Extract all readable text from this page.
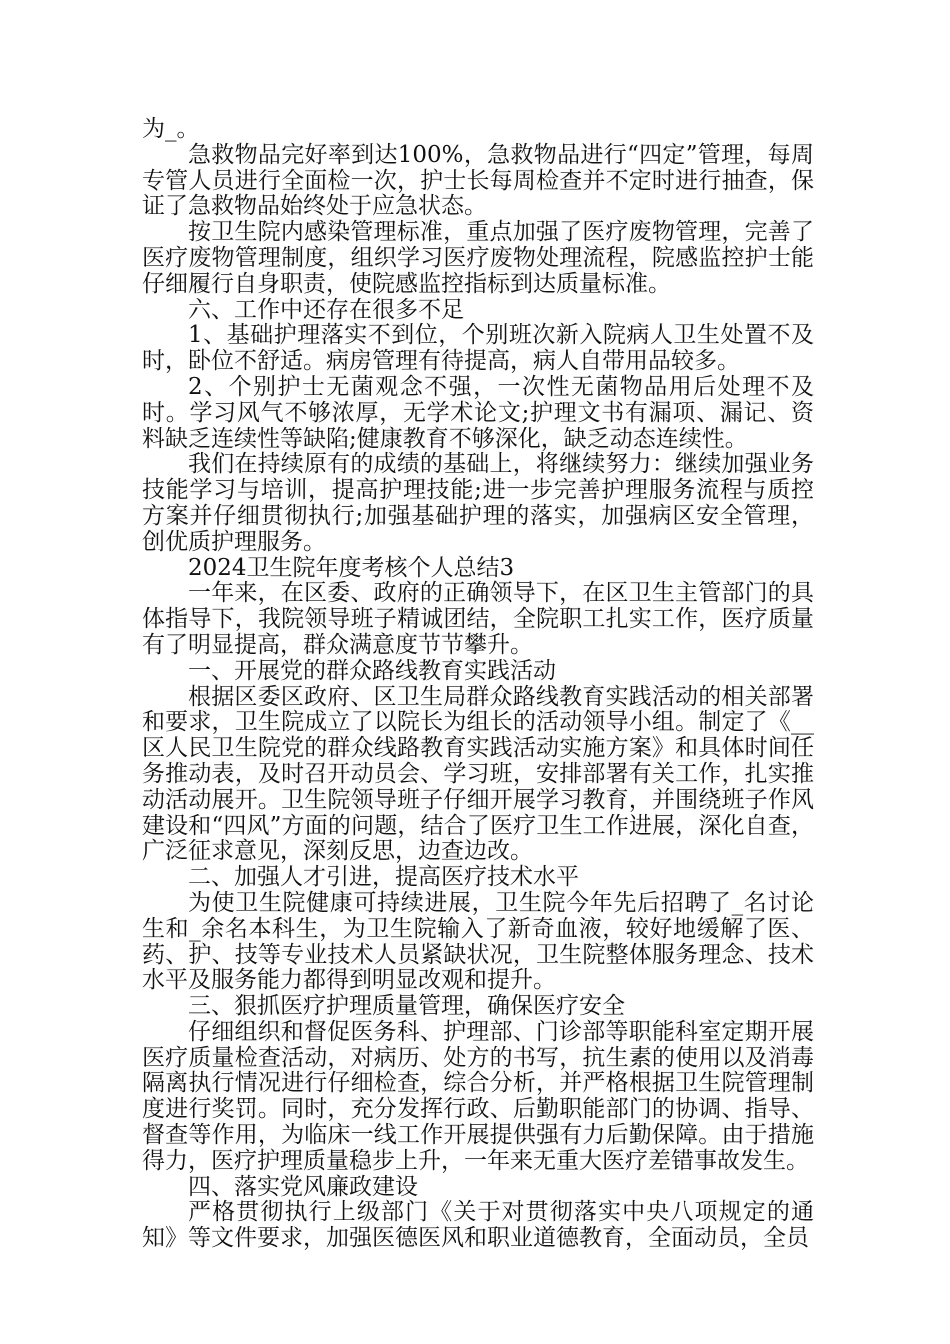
为_。

急救物品完好率到达100%，急救物品进行“四定”管理，每周专管人员进行全面检一次，护士长每周检查并不定时进行抽查，保证了急救物品始终处于应急状态。

按卫生院内感染管理标准，重点加强了医疗废物管理，完善了医疗废物管理制度，组织学习医疗废物处理流程，院感监控护士能仔细履行自身职责，使院感监控指标到达质量标准。

六、工作中还存在很多不足

1、基础护理落实不到位，个别班次新入院病人卫生处置不及时，卧位不舒适。病房管理有待提高，病人自带用品较多。

2、个别护士无菌观念不强，一次性无菌物品用后处理不及时。学习风气不够浓厚，无学术论文;护理文书有漏项、漏记、资料缺乏连续性等缺陷;健康教育不够深化，缺乏动态连续性。

我们在持续原有的成绩的基础上，将继续努力：继续加强业务技能学习与培训，提高护理技能;进一步完善护理服务流程与质控方案并仔细贯彻执行;加强基础护理的落实，加强病区安全管理，创优质护理服务。

2024卫生院年度考核个人总结3

一年来，在区委、政府的正确领导下，在区卫生主管部门的具体指导下，我院领导班子精诚团结，全院职工扎实工作，医疗质量有了明显提高，群众满意度节节攀升。

一、开展党的群众路线教育实践活动

根据区委区政府、区卫生局群众路线教育实践活动的相关部署和要求，卫生院成立了以院长为组长的活动领导小组。制定了《__区人民卫生院党的群众线路教育实践活动实施方案》和具体时间任务推动表，及时召开动员会、学习班，安排部署有关工作，扎实推动活动展开。卫生院领导班子仔细开展学习教育，并围绕班子作风建设和“四风”方面的问题，结合了医疗卫生工作进展，深化自查，广泛征求意见，深刻反思，边查边改。

二、加强人才引进，提高医疗技术水平

为使卫生院健康可持续进展，卫生院今年先后招聘了_名讨论生和_余名本科生，为卫生院输入了新奇血液，较好地缓解了医、药、护、技等专业技术人员紧缺状况，卫生院整体服务理念、技术水平及服务能力都得到明显改观和提升。

三、狠抓医疗护理质量管理，确保医疗安全

仔细组织和督促医务科、护理部、门诊部等职能科室定期开展医疗质量检查活动，对病历、处方的书写，抗生素的使用以及消毒隔离执行情况进行仔细检查，综合分析，并严格根据卫生院管理制度进行奖罚。同时，充分发挥行政、后勤职能部门的协调、指导、督查等作用，为临床一线工作开展提供强有力后勤保障。由于措施得力，医疗护理质量稳步上升，一年来无重大医疗差错事故发生。

四、落实党风廉政建设

严格贯彻执行上级部门《关于对贯彻落实中央八项规定的通知》等文件要求，加强医德医风和职业道德教育，全面动员，全员
